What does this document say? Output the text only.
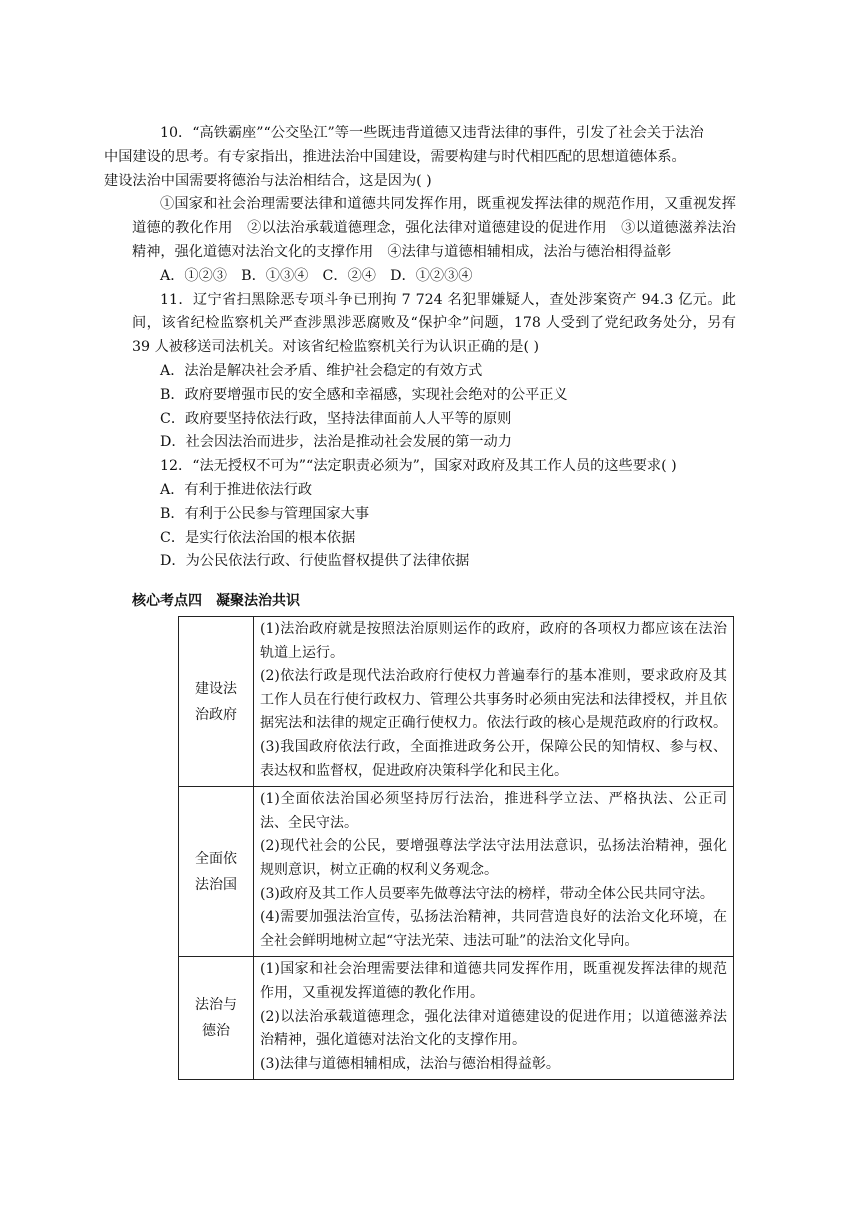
10．“高铁霸座”“公交坠江”等一些既违背道德又违背法律的事件，引发了社会关于法治
中国建设的思考。有专家指出，推进法治中国建设，需要构建与时代相匹配的思想道德体系。
建设法治中国需要将德治与法治相结合，这是因为( )

①国家和社会治理需要法律和道德共同发挥作用，既重视发挥法律的规范作用，又重视发挥道德的教化作用　②以法治承载道德理念，强化法律对道德建设的促进作用　③以道德滋养法治精神，强化道德对法治文化的支撑作用　④法律与道德相辅相成，法治与德治相得益彰

A．①②③　B．①③④　C．②④　D．①②③④

11．辽宁省扫黑除恶专项斗争已刑拘 7 724 名犯罪嫌疑人，查处涉案资产 94.3 亿元。此间，该省纪检监察机关严查涉黑涉恶腐败及“保护伞”问题，178 人受到了党纪政务处分，另有 39 人被移送司法机关。对该省纪检监察机关行为认识正确的是( )

A．法治是解决社会矛盾、维护社会稳定的有效方式

B．政府要增强市民的安全感和幸福感，实现社会绝对的公平正义

C．政府要坚持依法行政，坚持法律面前人人平等的原则

D．社会因法治而进步，法治是推动社会发展的第一动力

12．“法无授权不可为”“法定职责必须为”，国家对政府及其工作人员的这些要求( )

A．有利于推进依法行政

B．有利于公民参与管理国家大事

C．是实行依法治国的根本依据

D．为公民依法行政、行使监督权提供了法律依据

核心考点四　凝聚法治共识
建设法治政府	(1)法治政府就是按照法治原则运作的政府，政府的各项权力都应该在法治轨道上运行。
(2)依法行政是现代法治政府行使权力普遍奉行的基本准则，要求政府及其工作人员在行使行政权力、管理公共事务时必须由宪法和法律授权，并且依据宪法和法律的规定正确行使权力。依法行政的核心是规范政府的行政权。(3)我国政府依法行政，全面推进政务公开，保障公民的知情权、参与权、表达权和监督权，促进政府决策科学化和民主化。

全面依法治国	(1)全面依法治国必须坚持厉行法治，推进科学立法、严格执法、公正司法、全民守法。
(2)现代社会的公民，要增强尊法学法守法用法意识，弘扬法治精神，强化规则意识，树立正确的权利义务观念。
(3)政府及其工作人员要率先做尊法守法的榜样，带动全体公民共同守法。
(4)需要加强法治宣传，弘扬法治精神，共同营造良好的法治文化环境，在全社会鲜明地树立起“守法光荣、违法可耻”的法治文化导向。

法治与德治	(1)国家和社会治理需要法律和道德共同发挥作用，既重视发挥法律的规范作用，又重视发挥道德的教化作用。
(2)以法治承载道德理念，强化法律对道德建设的促进作用；以道德滋养法治精神，强化道德对法治文化的支撑作用。
(3)法律与道德相辅相成，法治与德治相得益彰。
